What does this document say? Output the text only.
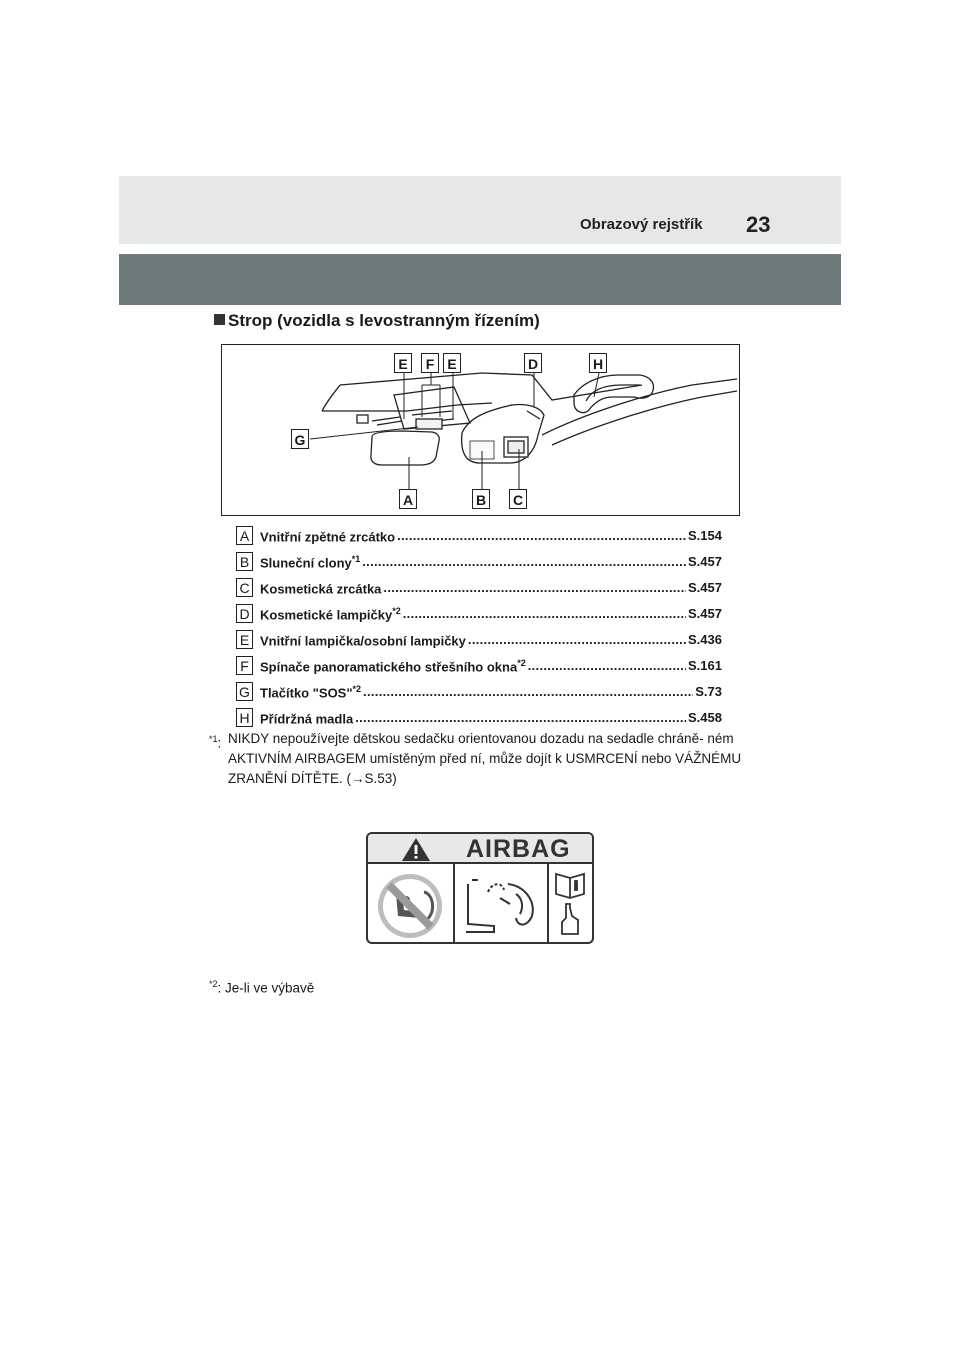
Obrazový rejstřík 23
Strop (vozidla s levostranným řízením)
E	F E	D	H
G
A	B C
A Vnitřní zpětné zrcátko .....	S.154
B Sluneční clony$^{*1}$ .....	S.457
C Kosmetická zrcátka .....	S.457
D Kosmetické lampičky$^{*2}$ .....	S.457
E Vnitřní lampička/osobní lampičky .....	S.436
F Spínače panoramatického střešního okna$^{*2}$ .....	S.161
G Tlačítko "SOS"$^{*2}$ .....	S.73
H Přídržná madla .....	S.458
$^{*1}$: NIKDY nepoužívejte dětskou sedačku orientovanou dozadu na sedadle chráně- ném AKTIVNÍM AIRBAGEM umístěným před ní, může dojít k USMRCENÍ nebo VÁŽNÉMU ZRANĚNÍ DÍTĚTE. (→S.53)
AIRBAG
$^{*2}$: Je-li ve výbavě
